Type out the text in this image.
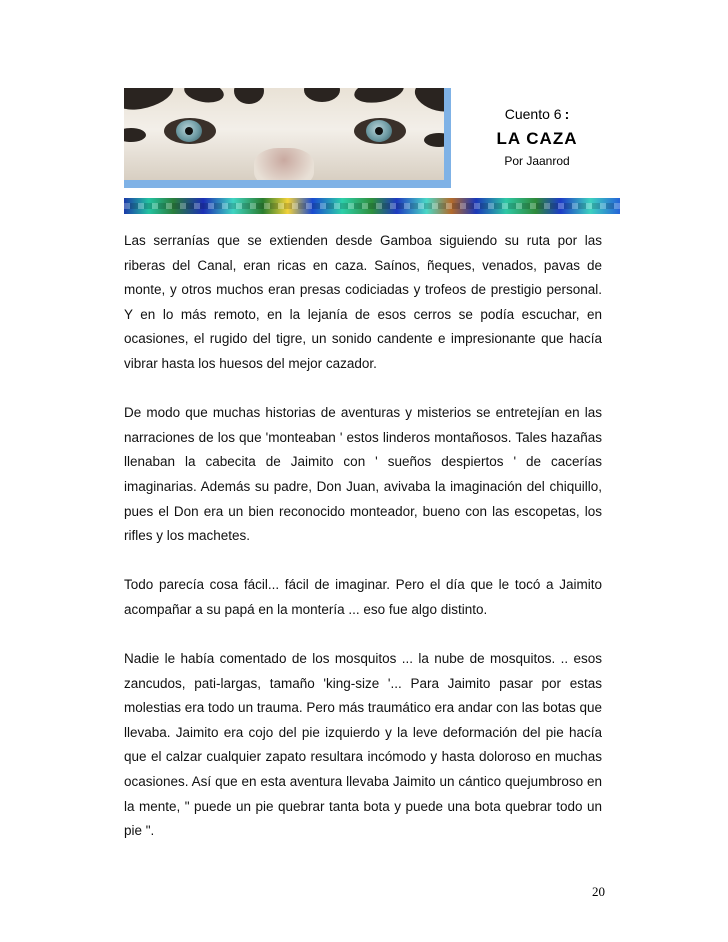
Cuento 6 :
LA CAZA
Por Jaanrod

Las serranías que se extienden desde Gamboa siguiendo su ruta por las riberas del Canal, eran ricas en caza. Saínos, ñeques, venados, pavas de monte, y otros muchos eran presas codiciadas y trofeos de prestigio personal. Y en lo más remoto, en la lejanía de esos cerros se podía escuchar, en ocasiones, el rugido del tigre, un sonido candente e impresionante que hacía vibrar hasta los huesos del mejor cazador.

De modo que muchas historias de aventuras y misterios se entretejían en las narraciones de los que 'monteaban ' estos linderos montañosos. Tales hazañas llenaban la cabecita de Jaimito con ' sueños despiertos ' de cacerías imaginarias. Además su padre, Don Juan, avivaba la imaginación del chiquillo, pues el Don era un bien reconocido monteador, bueno con las escopetas, los rifles y los machetes.

Todo parecía cosa fácil... fácil de imaginar. Pero el día que le tocó a Jaimito acompañar a su papá en la montería ... eso fue algo distinto.

Nadie le había comentado de los mosquitos ... la nube de mosquitos. .. esos zancudos, pati-largas, tamaño 'king-size '... Para Jaimito pasar por estas molestias era todo un trauma. Pero más traumático era andar con las botas que llevaba. Jaimito era cojo del pie izquierdo y la leve deformación del pie hacía que el calzar cualquier zapato resultara incómodo y hasta doloroso en muchas ocasiones. Así que en esta aventura llevaba Jaimito un cántico quejumbroso en la mente, " puede un pie quebrar tanta bota y puede una bota quebrar todo un pie ".

20
